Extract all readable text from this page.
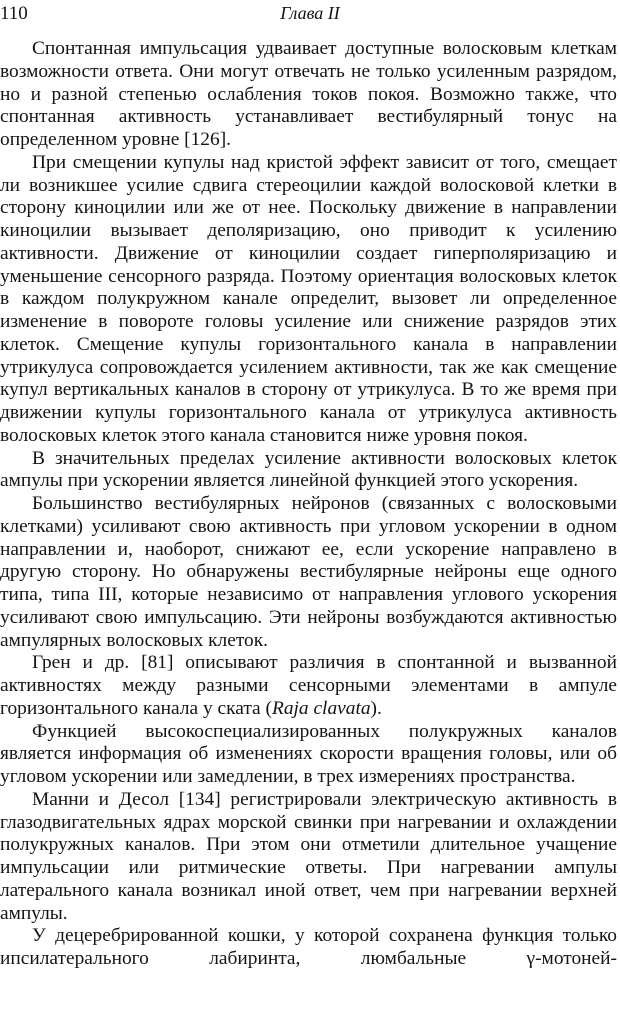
110	Глава II

Спонтанная импульсация удваивает доступные волосковым клеткам возможности ответа. Они могут отвечать не только усиленным разрядом, но и разной степенью ослабления токов покоя. Возможно также, что спонтанная активность устанавливает вестибулярный тонус на определенном уровне [126].

При смещении купулы над кристой эффект зависит от того, смещает ли возникшее усилие сдвига стереоцилии каждой волосковой клетки в сторону киноцилии или же от нее. Поскольку движение в направлении киноцилии вызывает деполяризацию, оно приводит к усилению активности. Движение от киноцилии создает гиперполяризацию и уменьшение сенсорного разряда. Поэтому ориентация волосковых клеток в каждом полукружном канале определит, вызовет ли определенное изменение в повороте головы усиление или снижение разрядов этих клеток. Смещение купулы горизонтального канала в направлении утрикулуса сопровождается усилением активности, так же как смещение купул вертикальных каналов в сторону от утрикулуса. В то же время при движении купулы горизонтального канала от утрикулуса активность волосковых клеток этого канала становится ниже уровня покоя.

В значительных пределах усиление активности волосковых клеток ампулы при ускорении является линейной функцией этого ускорения.

Большинство вестибулярных нейронов (связанных с волосковыми клетками) усиливают свою активность при угловом ускорении в одном направлении и, наоборот, снижают ее, если ускорение направлено в другую сторону. Но обнаружены вестибулярные нейроны еще одного типа, типа III, которые независимо от направления углового ускорения усиливают свою импульсацию. Эти нейроны возбуждаются активностью ампулярных волосковых клеток.

Грен и др. [81] описывают различия в спонтанной и вызванной активностях между разными сенсорными элементами в ампуле горизонтального канала у ската (Raja clavata).

Функцией высокоспециализированных полукружных каналов является информация об изменениях скорости вращения головы, или об угловом ускорении или замедлении, в трех измерениях пространства.

Манни и Десол [134] регистрировали электрическую активность в глазодвигательных ядрах морской свинки при нагревании и охлаждении полукружных каналов. При этом они отметили длительное учащение импульсации или ритмические ответы. При нагревании ампулы латерального канала возникал иной ответ, чем при нагревании верхней ампулы.

У децеребрированной кошки, у которой сохранена функция только ипсилатерального лабиринта, люмбальные γ-мотоней-
